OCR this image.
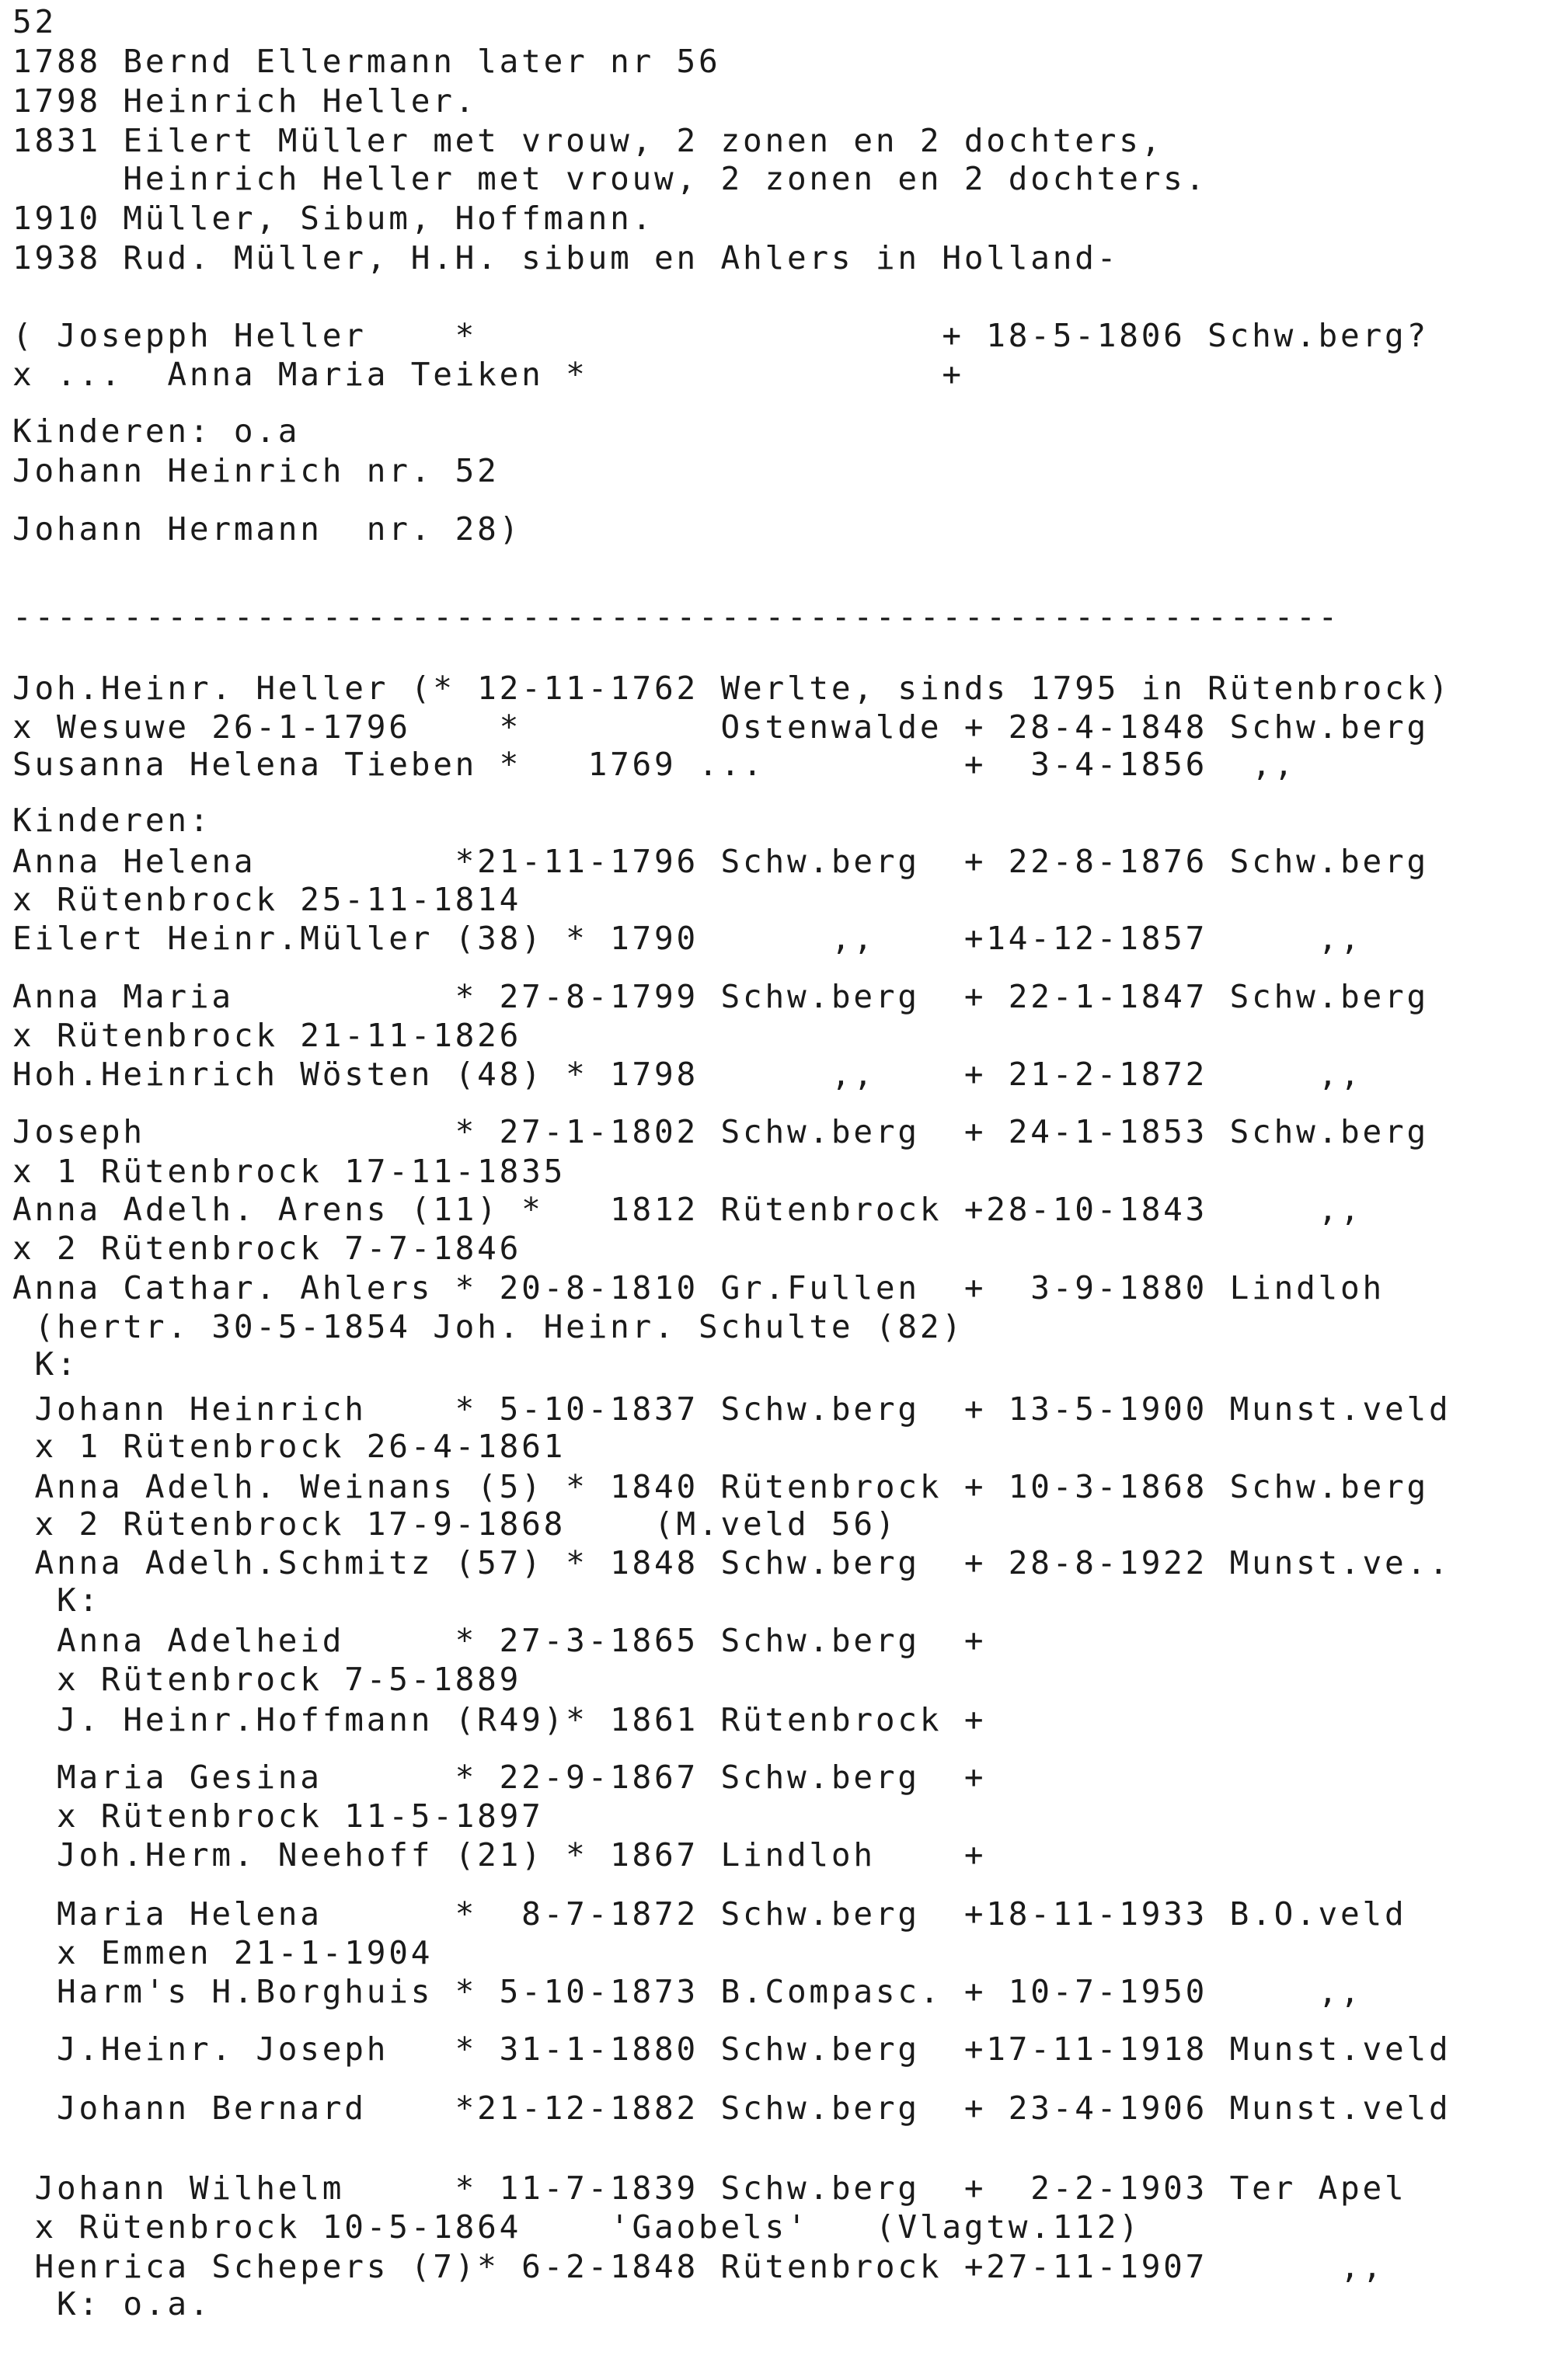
52
1788 Bernd Ellermann later nr 56
1798 Heinrich Heller.
1831 Eilert Müller met vrouw, 2 zonen en 2 dochters,
Heinrich Heller met vrouw, 2 zonen en 2 dochters.
1910 Müller, Sibum, Hoffmann.
1938 Rud. Müller, H.H. sibum en Ahlers in Holland-
( Josepph Heller    *                     + 18-5-1806 Schw.berg?
x ...  Anna Maria Teiken *                +
Kinderen: o.a
Johann Heinrich nr. 52
Johann Hermann  nr. 28)
------------------------------------------------------------
Joh.Heinr. Heller (* 12-11-1762 Werlte, sinds 1795 in Rütenbrock)
x Wesuwe 26-1-1796    *         Ostenwalde + 28-4-1848 Schw.berg
Susanna Helena Tieben *   1769 ...         +  3-4-1856  ,,
Kinderen:
Anna Helena         *21-11-1796 Schw.berg  + 22-8-1876 Schw.berg
x Rütenbrock 25-11-1814
Eilert Heinr.Müller (38) * 1790      ,,    +14-12-1857     ,,
Anna Maria          * 27-8-1799 Schw.berg  + 22-1-1847 Schw.berg
x Rütenbrock 21-11-1826
Hoh.Heinrich Wösten (48) * 1798      ,,    + 21-2-1872     ,,
Joseph              * 27-1-1802 Schw.berg  + 24-1-1853 Schw.berg
x 1 Rütenbrock 17-11-1835
Anna Adelh. Arens (11) *   1812 Rütenbrock +28-10-1843     ,,
x 2 Rütenbrock 7-7-1846
Anna Cathar. Ahlers * 20-8-1810 Gr.Fullen  +  3-9-1880 Lindloh
(hertr. 30-5-1854 Joh. Heinr. Schulte (82)
K:
Johann Heinrich    * 5-10-1837 Schw.berg  + 13-5-1900 Munst.veld
x 1 Rütenbrock 26-4-1861
Anna Adelh. Weinans (5) * 1840 Rütenbrock + 10-3-1868 Schw.berg
x 2 Rütenbrock 17-9-1868    (M.veld 56)
Anna Adelh.Schmitz (57) * 1848 Schw.berg  + 28-8-1922 Munst.ve..
K:
Anna Adelheid     * 27-3-1865 Schw.berg  +
x Rütenbrock 7-5-1889
J. Heinr.Hoffmann (R49)* 1861 Rütenbrock +
Maria Gesina      * 22-9-1867 Schw.berg  +
x Rütenbrock 11-5-1897
Joh.Herm. Neehoff (21) * 1867 Lindloh    +
Maria Helena      *  8-7-1872 Schw.berg  +18-11-1933 B.O.veld
x Emmen 21-1-1904
Harm's H.Borghuis * 5-10-1873 B.Compasc. + 10-7-1950     ,,
J.Heinr. Joseph   * 31-1-1880 Schw.berg  +17-11-1918 Munst.veld
Johann Bernard    *21-12-1882 Schw.berg  + 23-4-1906 Munst.veld
Johann Wilhelm     * 11-7-1839 Schw.berg  +  2-2-1903 Ter Apel
x Rütenbrock 10-5-1864    'Gaobels'   (Vlagtw.112)
Henrica Schepers (7)* 6-2-1848 Rütenbrock +27-11-1907      ,,
K: o.a.
